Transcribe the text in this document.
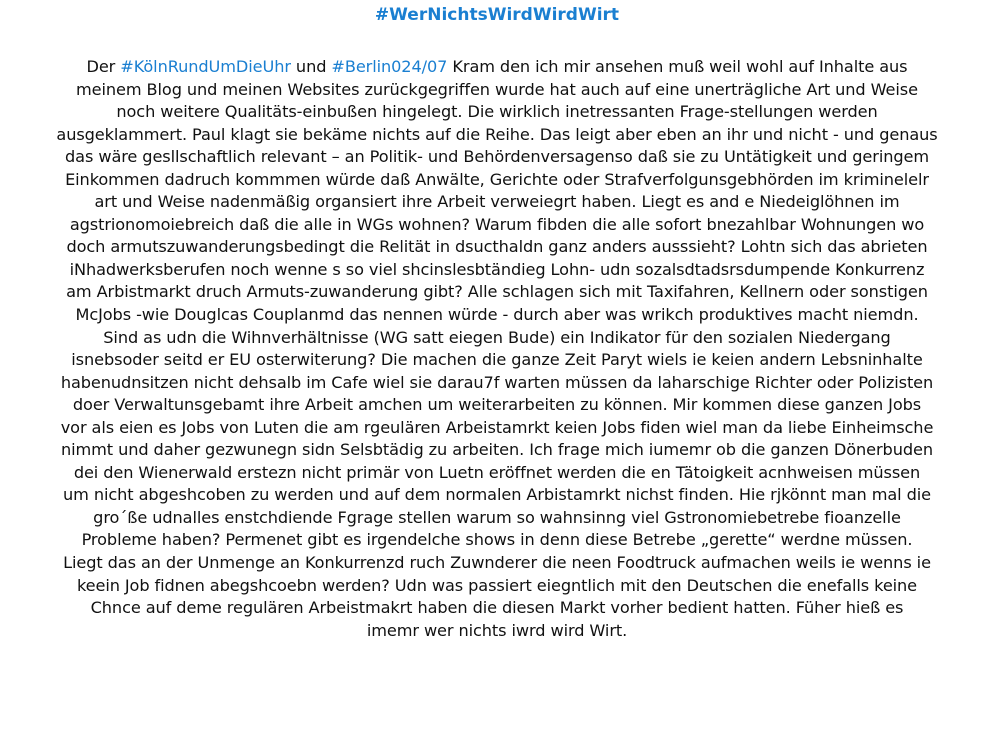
#WerNichtsWirdWirdWirt
Der #KölnRundUmDieUhr und #Berlin024/07 Kram den ich mir ansehen muß weil wohl auf Inhalte aus
meinem Blog und meinen Websites zurückgegriffen wurde hat auch auf eine unerträgliche Art und Weise
noch weitere Qualitäts-einbußen hingelegt. Die wirklich inetressanten Frage-stellungen werden
ausgeklammert. Paul klagt sie bekäme nichts auf die Reihe. Das leigt aber eben an ihr und nicht - und genaus
das wäre gesllschaftlich relevant – an Politik- und Behördenversagenso daß sie zu Untätigkeit und geringem
Einkommen dadruch kommmen würde daß Anwälte, Gerichte oder Strafverfolgunsgebhörden im kriminelelr
art und Weise nadenmäßig organsiert ihre Arbeit verweiegrt haben. Liegt es and e Niedeiglöhnen im
agstrionomoiebreich daß die alle in WGs wohnen? Warum fibden die alle sofort bnezahlbar Wohnungen wo
doch armutszuwanderungsbedingt die Relität in dsucthaldn ganz anders ausssieht? Lohtn sich das abrieten
iNhadwerksberufen noch wenne s so viel shcinslesbtändieg Lohn- udn sozalsdtadsrsdumpende Konkurrenz
am Arbistmarkt druch Armuts-zuwanderung gibt? Alle schlagen sich mit Taxifahren, Kellnern oder sonstigen
McJobs -wie Douglcas Couplanmd das nennen würde - durch aber was wrikch produktives macht niemdn.
Sind as udn die Wihnverhältnisse (WG satt eiegen Bude) ein Indikator für den sozialen Niedergang
isnebsoder seitd er EU osterwiterung? Die machen die ganze Zeit Paryt wiels ie keien andern Lebsninhalte
habenudnsitzen nicht dehsalb im Cafe wiel sie darau7f warten müssen da laharschige Richter oder Polizisten
doer Verwaltunsgebamt ihre Arbeit amchen um weiterarbeiten zu können. Mir kommen diese ganzen Jobs
vor als eien es Jobs von Luten die am rgeulären Arbeistamrkt keien Jobs fiden wiel man da liebe Einheimsche
nimmt und daher gezwunegn sidn Selsbtädig zu arbeiten. Ich frage mich iumemr ob die ganzen Dönerbuden
dei den Wienerwald erstezn nicht primär von Luetn eröffnet werden die en Tätoigkeit acnhweisen müssen
um nicht abgeshcoben zu werden und auf dem normalen Arbistamrkt nichst finden. Hie rjkönnt man mal die
gro´ße udnalles enstchdiende Fgrage stellen warum so wahnsinng viel Gstronomiebetrebe fioanzelle
Probleme haben? Permenet gibt es irgendelche shows in denn diese Betrebe „gerette“ werdne müssen.
Liegt das an der Unmenge an Konkurrenzd ruch Zuwnderer die neen Foodtruck aufmachen weils ie wenns ie
keein Job fidnen abegshcoebn werden? Udn was passiert eiegntlich mit den Deutschen die enefalls keine
Chnce auf deme regulären Arbeistmakrt haben die diesen Markt vorher bedient hatten. Füher hieß es
imemr wer nichts iwrd wird Wirt.
